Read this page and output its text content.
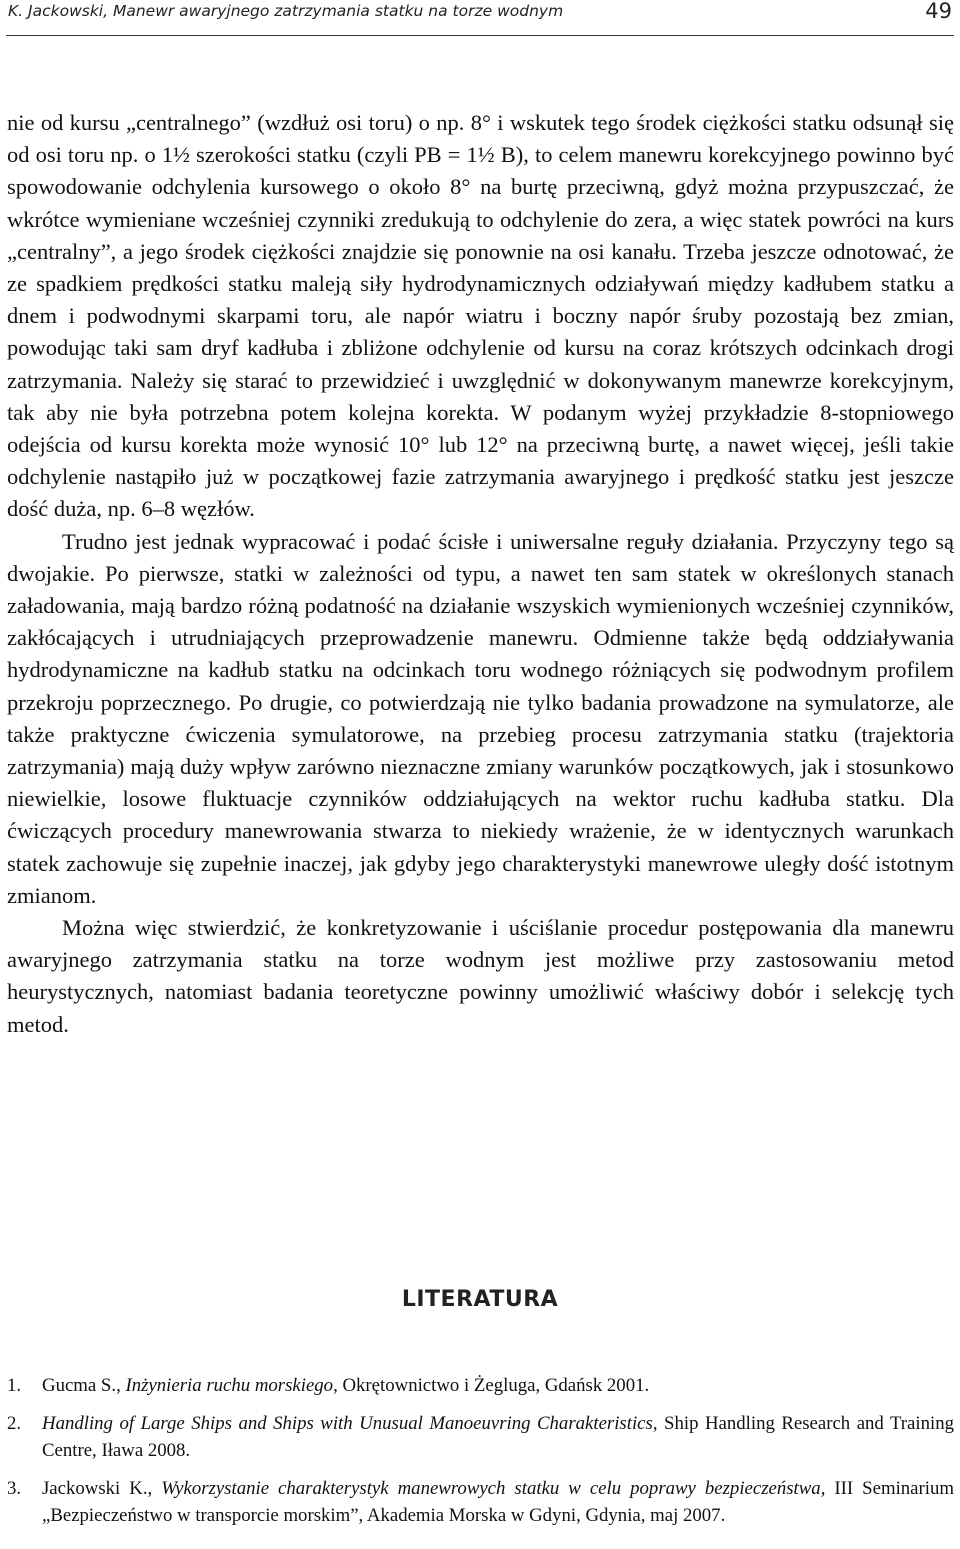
K. Jackowski, Manewr awaryjnego zatrzymania statku na torze wodnym	49

nie od kursu „centralnego” (wzdłuż osi toru) o np. 8° i wskutek tego środek ciężkości statku odsunął się od osi toru np. o 1½ szerokości statku (czyli PB = 1½ B), to celem manewru korekcyjnego powinno być spowodowanie odchylenia kursowego o około 8° na burtę przeciwną, gdyż można przypuszczać, że wkrótce wymieniane wcześniej czynniki zredukują to odchylenie do zera, a więc statek powróci na kurs „centralny”, a jego środek ciężkości znajdzie się ponownie na osi kanału. Trzeba jeszcze odnotować, że ze spadkiem prędkości statku maleją siły hydrodynamicznych odziaływań między kadłubem statku a dnem i podwodnymi skarpami toru, ale napór wiatru i boczny napór śruby pozostają bez zmian, powodując taki sam dryf kadłuba i zbliżone odchylenie od kursu na coraz krótszych odcinkach drogi zatrzymania. Należy się starać to przewidzieć i uwzględnić w dokonywanym manewrze korekcyjnym, tak aby nie była potrzebna potem kolejna korekta. W podanym wyżej przykładzie 8-stopniowego odejścia od kursu korekta może wynosić 10° lub 12° na przeciwną burtę, a nawet więcej, jeśli takie odchylenie nastąpiło już w początkowej fazie zatrzymania awaryjnego i prędkość statku jest jeszcze dość duża, np. 6–8 węzłów.

Trudno jest jednak wypracować i podać ścisłe i uniwersalne reguły działania. Przyczyny tego są dwojakie. Po pierwsze, statki w zależności od typu, a nawet ten sam statek w określonych stanach załadowania, mają bardzo różną podatność na działanie wszyskich wymienionych wcześniej czynników, zakłócających i utrudniających przeprowadzenie manewru. Odmienne także będą oddziaływania hydrodynamiczne na kadłub statku na odcinkach toru wodnego różniących się podwodnym profilem przekroju poprzecznego. Po drugie, co potwierdzają nie tylko badania prowadzone na symulatorze, ale także praktyczne ćwiczenia symulatorowe, na przebieg procesu zatrzymania statku (trajektoria zatrzymania) mają duży wpływ zarówno nieznaczne zmiany warunków początkowych, jak i stosunkowo niewielkie, losowe fluktuacje czynników oddziałujących na wektor ruchu kadłuba statku. Dla ćwiczących procedury manewrowania stwarza to niekiedy wrażenie, że w identycznych warunkach statek zachowuje się zupełnie inaczej, jak gdyby jego charakterystyki manewrowe uległy dość istotnym zmianom.

Można więc stwierdzić, że konkretyzowanie i uściślanie procedur postępowania dla manewru awaryjnego zatrzymania statku na torze wodnym jest możliwe przy zastosowaniu metod heurystycznych, natomiast badania teoretyczne powinny umożliwić właściwy dobór i selekcję tych metod.

LITERATURA
1. Gucma S., Inżynieria ruchu morskiego, Okrętownictwo i Żegluga, Gdańsk 2001.
2. Handling of Large Ships and Ships with Unusual Manoeuvring Charakteristics, Ship Handling Research and Training Centre, Iława 2008.
3. Jackowski K., Wykorzystanie charakterystyk manewrowych statku w celu poprawy bezpieczeństwa, III Seminarium „Bezpieczeństwo w transporcie morskim”, Akademia Morska w Gdyni, Gdynia, maj 2007.
